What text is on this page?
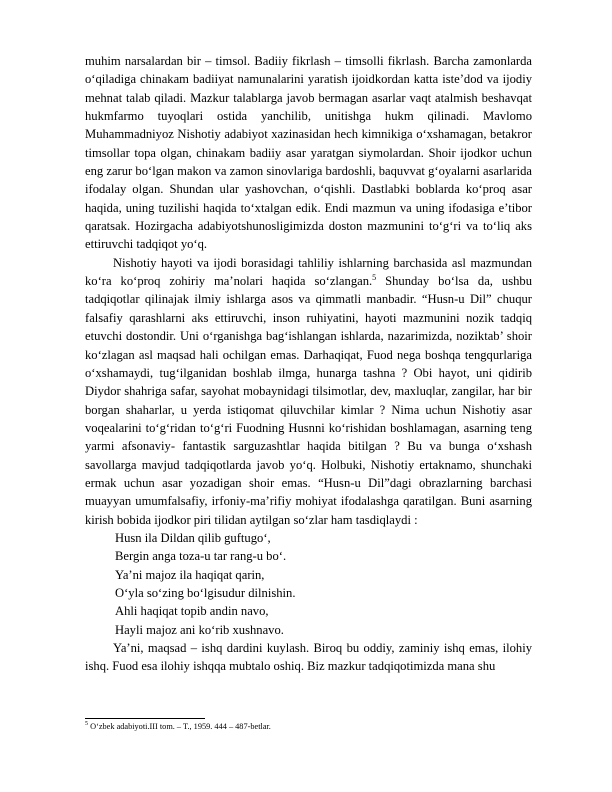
muhim narsalardan bir – timsol. Badiiy fikrlash – timsolli fikrlash. Barcha zamonlarda o‘qiladiga chinakam badiiyat namunalarini yaratish ijoidkordan katta iste’dod va ijodiy mehnat talab qiladi. Mazkur talablarga javob bermagan asarlar vaqt atalmish beshavqat hukmfarmo tuyoqlari ostida yanchilib, unitishga hukm qilinadi. Mavlomo Muhammadniyoz Nishotiy adabiyot xazinasidan hech kimnikiga o‘xshamagan, betakror timsollar topa olgan, chinakam badiiy asar yaratgan siymolardan. Shoir ijodkor uchun eng zarur bo‘lgan makon va zamon sinovlariga bardoshli, baquvvat g‘oyalarni asarlarida ifodalay olgan. Shundan ular yashovchan, o‘qishli. Dastlabki boblarda ko‘proq asar haqida, uning tuzilishi haqida to‘xtalgan edik. Endi mazmun va uning ifodasiga e’tibor qaratsak. Hozirgacha adabiyotshunosligimizda doston mazmunini to‘g‘ri va to‘liq aks ettiruvchi tadqiqot yo‘q.

Nishotiy hayoti va ijodi borasidagi tahliliy ishlarning barchasida asl mazmundan ko‘ra ko‘proq zohiriy ma’nolari haqida so‘zlangan.$^5$ Shunday bo‘lsa da, ushbu tadqiqotlar qilinajak ilmiy ishlarga asos va qimmatli manbadir. “Husn-u Dil” chuqur falsafiy qarashlarni aks ettiruvchi, inson ruhiyatini, hayoti mazmunini nozik tadqiq etuvchi dostondir. Uni o‘rganishga bag‘ishlangan ishlarda, nazarimizda, noziktab’ shoir ko‘zlagan asl maqsad hali ochilgan emas. Darhaqiqat, Fuod nega boshqa tengqurlariga o‘xshamaydi, tug‘ilganidan boshlab ilmga, hunarga tashna ? Obi hayot, uni qidirib Diydor shahriga safar, sayohat mobaynidagi tilsimotlar, dev, maxluqlar, zangilar, har bir borgan shaharlar, u yerda istiqomat qiluvchilar kimlar ? Nima uchun Nishotiy asar voqealarini to‘g‘ridan to‘g‘ri Fuodning Husnni ko‘rishidan boshlamagan, asarning teng yarmi afsonaviy- fantastik sarguzashtlar haqida bitilgan ? Bu va bunga o‘xshash savollarga mavjud tadqiqotlarda javob yo‘q. Holbuki, Nishotiy ertaknamo, shunchaki ermak uchun asar yozadigan shoir emas. “Husn-u Dil”dagi obrazlarning barchasi muayyan umumfalsafiy, irfoniy-ma’rifiy mohiyat ifodalashga qaratilgan. Buni asarning kirish bobida ijodkor piri tilidan aytilgan so‘zlar ham tasdiqlaydi :

Husn ila Dildan qilib guftugo‘,
Bergin anga toza-u tar rang-u bo‘.
Ya’ni majoz ila haqiqat qarin,
O‘yla so‘zing bo‘lgisudur dilnishin.
Ahli haqiqat topib andin navo,
Hayli majoz ani ko‘rib xushnavo.

Ya’ni, maqsad – ishq dardini kuylash. Biroq bu oddiy, zaminiy ishq emas, ilohiy ishq. Fuod esa ilohiy ishqqa mubtalo oshiq. Biz mazkur tadqiqotimizda mana shu

$^5$ O‘zbek adabiyoti.III tom. – T., 1959. 444 – 487-betlar.
